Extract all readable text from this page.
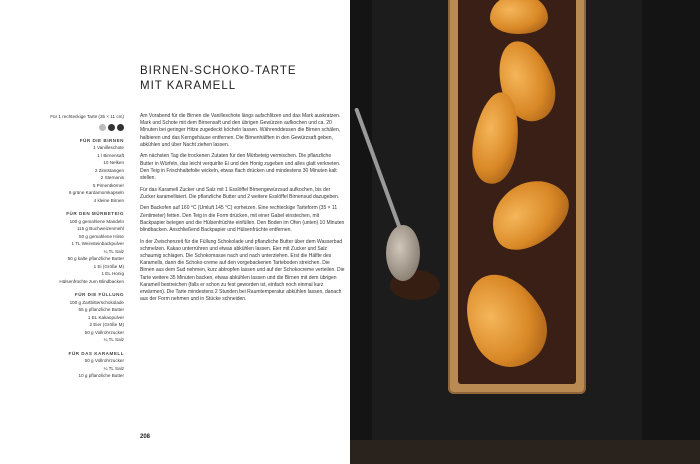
BIRNEN-SCHOKO-TARTE
MIT KARAMELL
Für 1 rechteckige Tarte (35 × 11 cm)
FÜR DIE BIRNEN
1 Vanilleschote
1 l Birnensaft
10 Nelken
2 Zimtstangen
2 Sternanis
5 Pimentkörner
6 grüne Kardamomkapseln
4 kleine Birnen
FÜR DEN MÜRBETEIG
100 g gemahlene Mandeln
115 g Buchweizenmehl
50 g gemahlene Hirse
1 TL Weinsteinbackpulver
¼ TL Salz
50 g kalte pflanzliche Butter
1 Ei (Größe M)
1 EL Honig
Hülsenfrüchte zum Blindbacken
FÜR DIE FÜLLUNG
100 g Zartbitterschokolade
65 g pflanzliche Butter
1 EL Kakaopulver
2 Eier (Größe M)
50 g Vollrohrzucker
¼ TL Salz
FÜR DAS KARAMELL
50 g Vollrohrzucker
¼ TL Salz
10 g pflanzliche Butter

Am Vorabend für die Birnen die Vanilleschote längs aufschlitzen und das Mark auskratzen. Mark und Schote mit dem Birnensaft und den übrigen Gewürzen aufkochen und ca. 20 Minuten bei geringer Hitze zugedeckt köcheln lassen. Währenddessen die Birnen schälen, halbieren und das Kerngehäuse entfernen. Die Birnenhälften in den Gewürzsaft geben, abkühlen und über Nacht ziehen lassen.

Am nächsten Tag die trockenen Zutaten für den Mürbeteig vermischen. Die pflanzliche Butter in Würfeln, das leicht verquirlte Ei und den Honig zugeben und alles glatt verkneten. Den Teig in Frischhaltefolie wickeln, etwas flach drücken und mindestens 30 Minuten kalt stellen.

Für das Karamell Zucker und Salz mit 1 Esslöffel Birnengewürzsud aufkochen, bis der Zucker karamellisiert. Die pflanzliche Butter und 2 weitere Esslöffel Birnensud dazugeben.

Den Backofen auf 160 °C (Umluft 145 °C) vorheizen. Eine rechteckige Tarteform (35 × 11 Zentimeter) fetten. Den Teig in die Form drücken, mit einer Gabel einstechen, mit Backpapier belegen und die Hülsenfrüchte einfüllen. Den Boden im Ofen (unten) 10 Minuten blindbacken. Anschließend Backpapier und Hülsenfrüchte entfernen.

In der Zwischenzeit für die Füllung Schokolade und pflanzliche Butter über dem Wasserbad schmelzen. Kakao unterrühren und etwas abkühlen lassen. Eier mit Zucker und Salz schaumig schlagen. Die Schokomasse nach und nach unterziehen. Erst die Hälfte des Karamells, dann die Schoko-creme auf den vorgebackenen Tarteboden streichen. Die Birnen aus dem Sud nehmen, kurz abtropfen lassen und auf der Schokocreme verteilen. Die Tarte weitere 35 Minuten backen, etwas abkühlen lassen und die Birnen mit dem übrigen Karamell bestreichen (falls er schon zu fest geworden ist, einfach noch einmal kurz erwärmen). Die Tarte mindestens 2 Stunden bei Raumtemperatur abkühlen lassen, danach aus der Form nehmen und in Stücke schneiden.

208
